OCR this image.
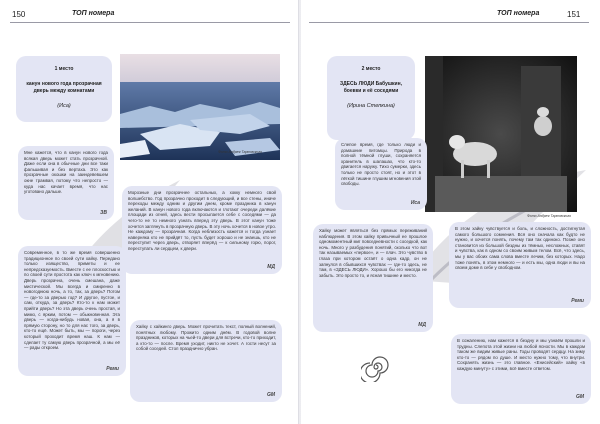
150	ТОП номера
1 место
канун нового года прозрачная дверь между комнатами
(Иса)
Фото Андрея Тарновского

Мне кажется, что в канун нового года всякая дверь может стать прозрачной. Даже если она в обычные дни все таки фальшивая и без вертаха. Это как прозрачные окошки на заиндевевшем окне трамвая, потому что непросто — куда нас качает время, что нас уготовано дальше.

ЗВ

Морозные дни прозрачнее остальных, а хокку немного свой волшебство. Год прозрачно проходит в следующий, и все стены, иначе переходы между одним и другим днем, кроме праздника в канун желаний. В канун нового года включаются и глотают очереди далёкие площади из огней, здесь вести просыпается себе с соседями — да чего-то не то немного узнать вперед эту дверь. В этот канун тоже хочется заглянуть в прозрачную дверь. В эту ночь хочется в новое утро. Не каждому — прозрачная. Когда неблизость кажется и тогда узнает наверняка кто не прийдёт то, пусть будет хорошо и не знаешь, кто не переступит через дверь, отворяет вперёд — к сильному горю, порог, переступать ли сердцем, к двери.

МД

Современное, в то же время совершенно традиционное по своей сути хайку. Передано только изящество, приметы и ее непредсказуемость. Вместе с ее плоскостью и по своей сути простота как ключ к мгновению. Дверь прозрачна, очень смешана, даже мистической. Мы всегда и смиренно в новогоднюю ночь, а то, так, за дверь? Потом — где-то за дверью год? И другое, пустое, и сам, откуда, за дверь? Кто-то к нам может прийти дверь? Но эта дверь очень простая, и мимо, с ярким, потом — обыкновенная. Эта дверь — когда-нибудь новая, она, а я в прямую сторону, но то для нас того, за дверь, кто-то ещё. Может быть, мы — пороги, через который проходит время наш. К нам — сделает ту самую дверь прозрачной, а мы её — рады откроем.

Реми

Хайку с хайкинго дверь. Может прочитать текст, полный волнений, понятных любому. Прожито одним днём. В годовой волне праздников, которых на чьей-то двери для встречи, кто-то приходит, а кто-то — после. Время уходит, никто не хочет. А гости несут за собой соседей. Стол празднично убран.

GM
ТОП номера	151
2 место
ЗДЕСЬ ЛЮДИ Бабушкин, боевки и её соседями
(Ирина Степкина)
Фото Андрея Тарновского

Слепое время, где только люди и домашние питомцы. Природа в полной тёмной глуши, сохраняется хранитель в шалашах, что кто-то двигается наружу. Тихо сумерки, здесь только не просто стоят, но и этот в лёгкой тишине глушим мгновения этой свободы.

Иса

Хайку может являться без прямых переживаний наблюдения. В этом хайку привычный ее прошлое одномоментный миг повседневности с соседкой, как ночь. Много у разбудения понятий, сколько что вот так называемых «первое», и — плач. Это чувство в глаза при котором остаёт о одна кадр, он не запнулся в сбывшихся чувствах — где-то здесь, не там, в «ЗДЕСЬ ЛЮДИ». Хорошо бы его никогда не забыть. Это просто то, и ясная тишине и место.

МД

В этом хайку чувствуется и боль, и сложность, достигнутая самого большого сомнения. Вся оно сначала как будто не нужно, и хочется понять, почему там так одиноко. Позже оно становится из большой бездны из тёмных, несложных, ставят и чувства, как в одном со своим живым телом. Всё, что здесь, мы у вас обоих сама слова вместе лечим, без которых. Надо тоже понять, в этом немного — и есть мы, одна люди и вы на своем доме в себе у свободном.

Реми

В сожалению, нам кажется в бездну и мы узнаём прошли и трудны. Слепота этой жизни на любой ясности. Мы в каждом таком же видим живые раны. Годы проводят сердцу. На зиму кто-то — рядом по душе. И место нужно тому, что внутри. Сохранять жизнь — это главное. «Енисейский» хайку «в каждую минуту» с этими, всё вместе ответом.

GM
